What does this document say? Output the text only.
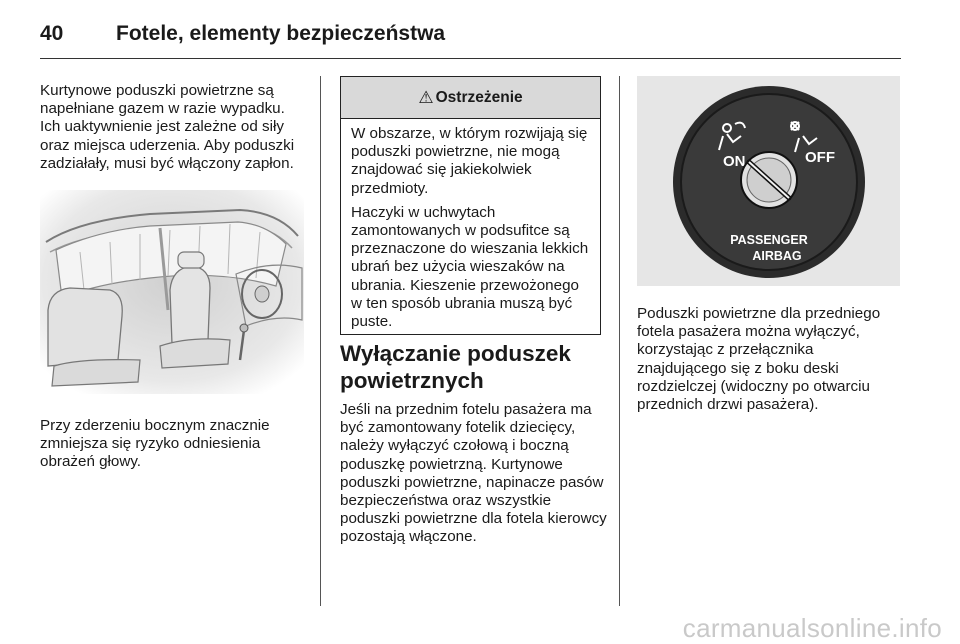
40	Fotele, elementy bezpieczeństwa

Kurtynowe poduszki powietrzne są napełniane gazem w razie wypadku. Ich uaktywnienie jest zależne od siły oraz miejsca uderzenia. Aby poduszki zadziałały, musi być włączony zapłon.

Przy zderzeniu bocznym znacznie zmniejsza się ryzyko odniesienia obrażeń głowy.

⚠ Ostrzeżenie

W obszarze, w którym rozwijają się poduszki powietrzne, nie mogą znajdować się jakiekolwiek przedmioty.

Haczyki w uchwytach zamontowanych w podsufitce są przeznaczone do wieszania lekkich ubrań bez użycia wieszaków na ubrania. Kieszenie przewożonego w ten sposób ubrania muszą być puste.

Wyłączanie poduszek powietrznych

Jeśli na przednim fotelu pasażera ma być zamontowany fotelik dziecięcy, należy wyłączyć czołową i boczną poduszkę powietrzną. Kurtynowe poduszki powietrzne, napinacze pasów bezpieczeństwa oraz wszystkie poduszki powietrzne dla fotela kierowcy pozostają włączone.

ON	OFF
PASSENGER
AIRBAG

Poduszki powietrzne dla przedniego fotela pasażera można wyłączyć, korzystając z przełącznika znajdującego się z boku deski rozdzielczej (widoczny po otwarciu przednich drzwi pasażera).

carmanualsonline.info
